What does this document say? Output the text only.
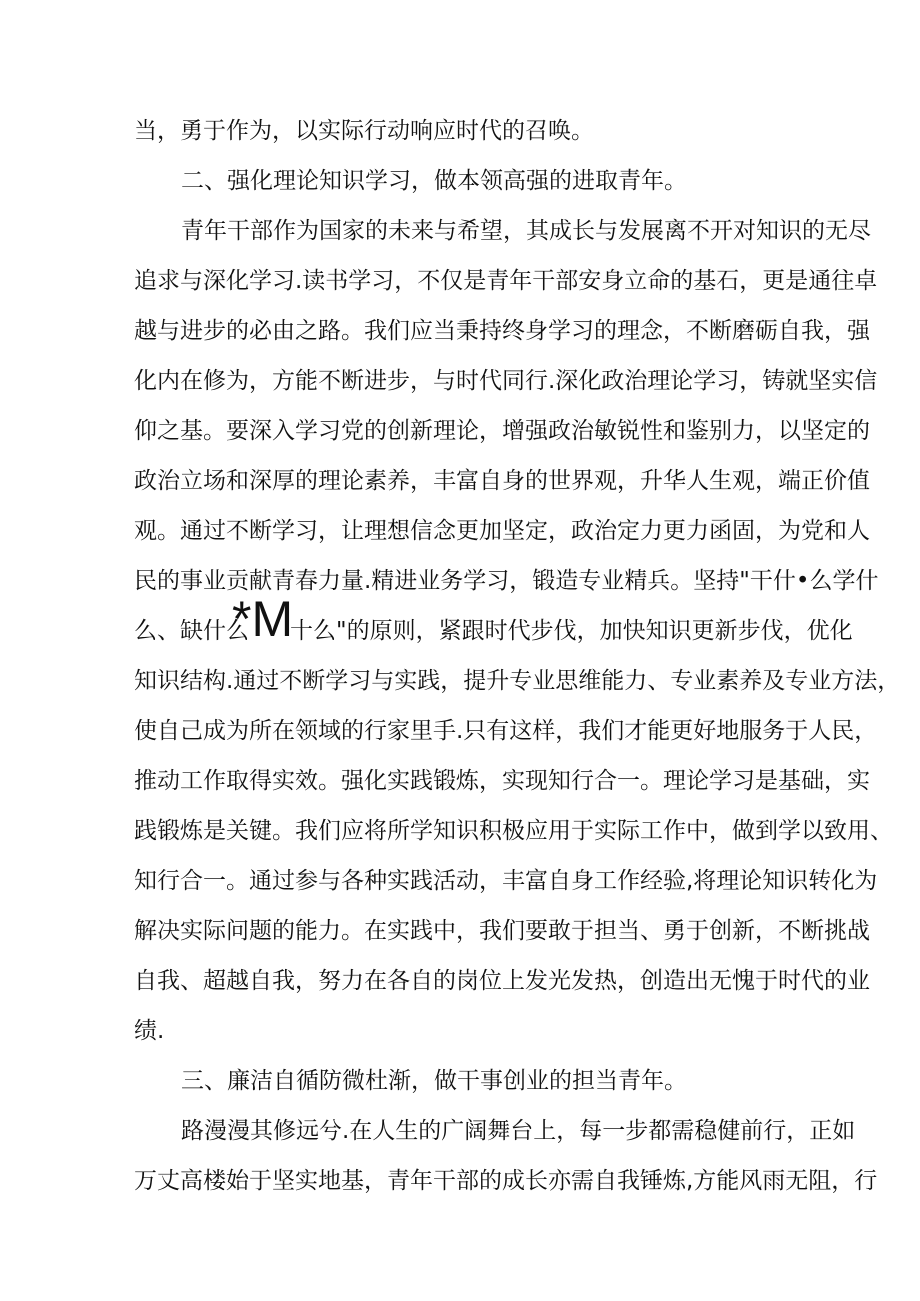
当，勇于作为，以实际行动响应时代的召唤。
二、强化理论知识学习，做本领高强的进取青年。
青年干部作为国家的未来与希望，其成长与发展离不开对知识的无尽
追求与深化学习.读书学习，不仅是青年干部安身立命的基石，更是通往卓
越与进步的必由之路。我们应当秉持终身学习的理念，不断磨砺自我，强
化内在修为，方能不断进步，与时代同行.深化政治理论学习，铸就坚实信
仰之基。要深入学习党的创新理论，增强政治敏锐性和鉴别力，以坚定的
政治立场和深厚的理论素养，丰富自身的世界观，升华人生观，端正价值
观。通过不断学习，让理想信念更加坚定，政治定力更力函固，为党和人
民的事业贡献青春力量.精进业务学习，锻造专业精兵。坚持"干什•么学什
么、缺什么
*M
十么"的原则，紧跟时代步伐，加快知识更新步伐，优化
知识结构.通过不断学习与实践，提升专业思维能力、专业素养及专业方法，
使自己成为所在领域的行家里手.只有这样，我们才能更好地服务于人民，
推动工作取得实效。强化实践锻炼，实现知行合一。理论学习是基础，实
践锻炼是关键。我们应将所学知识积极应用于实际工作中，做到学以致用、
知行合一。通过参与各种实践活动，丰富自身工作经验,将理论知识转化为
解决实际问题的能力。在实践中，我们要敢于担当、勇于创新，不断挑战
自我、超越自我，努力在各自的岗位上发光发热，创造出无愧于时代的业
绩.
三、廉洁自循防微杜渐，做干事创业的担当青年。
路漫漫其修远兮.在人生的广阔舞台上，每一步都需稳健前行，正如
万丈高楼始于坚实地基，青年干部的成长亦需自我锤炼,方能风雨无阻，行
